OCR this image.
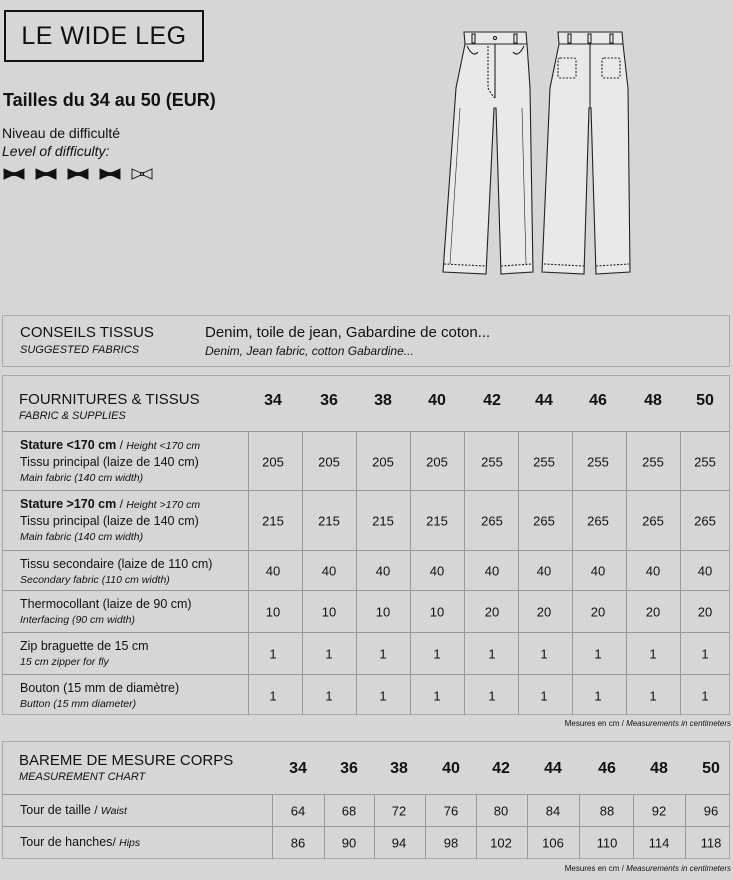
LE WIDE LEG
Tailles du 34 au 50 (EUR)
Niveau de difficulté
Level of difficulty:
CONSEILS TISSUS
SUGGESTED FABRICS
Denim, toile de jean, Gabardine de coton...
Denim, Jean fabric, cotton Gabardine...
FOURNITURES & TISSUS
FABRIC & SUPPLIES
34 36 38 40 42 44 46 48 50
Stature <170 cm / Height <170 cm
Tissu principal (laize de 140 cm)
Main fabric (140 cm width)
205	205 205 205	255 255 255	255 255
Stature >170 cm / Height >170 cm
Tissu principal (laize de 140 cm)
Main fabric (140 cm width)
215	215 215 215	265 265 265	265 265
Tissu secondaire (laize de 110 cm)
Secondary fabric (110 cm width)
40	40	40	40	40	40	40	40	40
Thermocollant (laize de 90 cm)
Interfacing (90 cm width)
10	10	10	10	20	20	20	20	20
Zip braguette de 15 cm
15 cm zipper for fly
1	1	1	1	1	1	1	1	1
Bouton (15 mm de diamètre)
Button (15 mm diameter)
1	1	1	1	1	1	1	1	1
Mesures en cm / Measurements in centimeters
BAREME DE MESURE CORPS
MEASUREMENT CHART	34 36 38 40 42 44 46 48 50
Tour de taille / Waist	64	68	72	76	80	84	88	92	96
Tour de hanches/ Hips	86	90	94	98 102 106	110 114 118
Mesures en cm / Measurements in centimeters
